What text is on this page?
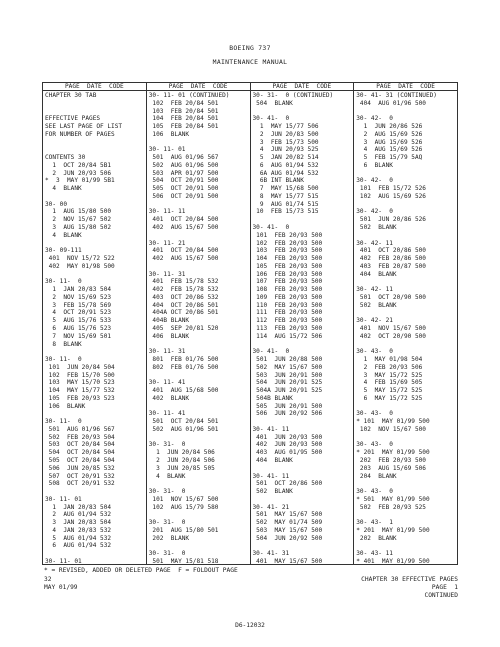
BOEING 737
MAINTENANCE MANUAL
PAGE  DATE  CODE
CHAPTER 30 TAB
EFFECTIVE PAGES
SEE LAST PAGE OF LIST
FOR NUMBER OF PAGES
CONTENTS 30
1  OCT 20/84 5B1
2  JUN 20/93 506
*  3  MAY 01/99 5B1
4  BLANK
30- 00
1  AUG 15/80 500
2  NOV 15/67 502
3  AUG 15/80 502
4  BLANK
30- 09-111
401  NOV 15/72 522
402  MAY 01/98 500
30- 11-  0
1  JAN 20/83 504
2  NOV 15/69 523
3  FEB 15/78 569
4  OCT 20/91 523
5  AUG 15/76 533
6  AUG 15/76 523
7  NOV 15/69 501
8  BLANK
30- 11-  0
101  JUN 20/84 504
102  FEB 15/70 500
103  MAY 15/70 523
104  MAY 15/77 532
105  FEB 20/93 523
106  BLANK
30- 11-  0
501  AUG 01/96 567
502  FEB 20/93 504
503  OCT 20/84 504
504  OCT 20/84 504
505  OCT 20/84 504
506  JUN 20/85 532
507  OCT 20/91 532
508  OCT 20/91 532
30- 11- 01
1  JAN 20/83 504
2  AUG 01/94 532
3  JAN 20/83 504
4  JAN 20/83 532
5  AUG 01/94 532
6  AUG 01/94 532
30- 11- 01
PAGE  DATE  CODE
30- 11- 01 (CONTINUED)
102  FEB 20/84 501
103  FEB 20/84 501
104  FEB 20/84 501
105  FEB 20/84 501
106  BLANK
30- 11- 01
501  AUG 01/96 567
502  AUG 01/96 500
503  APR 01/97 500
504  OCT 20/91 500
505  OCT 20/91 500
506  OCT 20/91 500
30- 11- 11
401  OCT 20/84 500
402  AUG 15/67 500
30- 11- 21
401  OCT 20/84 500
402  AUG 15/67 500
30- 11- 31
401  FEB 15/78 532
402  FEB 15/78 532
403  OCT 20/86 532
404  OCT 20/86 501
404A OCT 20/86 501
404B BLANK
405  SEP 20/81 520
406  BLANK
30- 11- 31
801  FEB 01/76 500
802  FEB 01/76 500
30- 11- 41
401  AUG 15/68 500
402  BLANK
30- 11- 41
501  OCT 20/84 501
502  AUG 01/96 501
30- 31-  0
1  JUN 20/84 506
2  JUN 20/84 506
3  JUN 20/85 505
4  BLANK
30- 31-  0
101  NOV 15/67 500
102  AUG 15/79 580
30- 31-  0
201  AUG 15/80 501
202  BLANK
30- 31-  0
501  MAY 15/81 518
PAGE  DATE  CODE
30- 31-  0 (CONTINUED)
504  BLANK
30- 41-  0
1  MAY 15/77 506
2  JUN 20/83 500
3  FEB 15/73 500
4  JUN 20/93 525
5  JAN 20/82 514
6  AUG 01/94 532
6A AUG 01/94 532
6B INT BLANK
7  MAY 15/68 500
8  MAY 15/77 515
9  AUG 01/74 515
10  FEB 15/73 515
30- 41-  0
101  FEB 20/93 500
102  FEB 20/93 500
103  FEB 20/93 500
104  FEB 20/93 500
105  FEB 20/93 500
106  FEB 20/93 500
107  FEB 20/93 500
108  FEB 20/93 500
109  FEB 20/93 500
110  FEB 20/93 500
111  FEB 20/93 500
112  FEB 20/93 500
113  FEB 20/93 500
114  AUG 15/72 506
30- 41-  0
501  JUN 20/88 500
502  MAY 15/67 500
503  JUN 20/91 500
504  JUN 20/91 525
504A JUN 20/91 525
504B BLANK
505  JUN 20/91 500
506  JUN 20/92 506
30- 41- 11
401  JUN 20/93 500
402  JUN 20/93 500
403  AUG 01/95 500
404  BLANK
30- 41- 11
501  OCT 20/86 500
502  BLANK
30- 41- 21
501  MAY 15/67 500
502  MAY 01/74 509
503  MAY 15/67 500
504  JUN 20/92 500
30- 41- 31
401  MAY 15/67 500
PAGE  DATE  CODE
30- 41- 31 (CONTINUED)
404  AUG 01/96 500
30- 42-  0
1  JUN 20/86 526
2  AUG 15/69 526
3  AUG 15/69 526
4  AUG 15/69 526
5  FEB 15/79 5AQ
6  BLANK
30- 42-  0
101  FEB 15/72 526
102  AUG 15/69 526
30- 42-  0
501  JUN 20/86 526
502  BLANK
30- 42- 11
401  OCT 20/86 500
402  FEB 20/86 500
403  FEB 20/87 500
404  BLANK
30- 42- 11
501  OCT 20/90 500
502  BLANK
30- 42- 21
401  NOV 15/67 500
402  OCT 20/90 500
30- 43-  0
1  MAY 01/98 504
2  FEB 20/93 506
3  MAY 15/72 525
4  FEB 15/69 505
5  MAY 15/72 525
6  MAY 15/72 525
30- 43-  0
* 101  MAY 01/99 500
102  NOV 15/67 500
30- 43-  0
* 201  MAY 01/99 500
202  FEB 20/93 500
203  AUG 15/69 506
204  BLANK
30- 43-  0
* 501  MAY 01/99 500
502  FEB 20/93 525
30- 43-  1
* 201  MAY 01/99 500
202  BLANK
30- 43- 11
* 401  MAY 01/99 500
* = REVISED, ADDED OR DELETED PAGE  F = FOLDOUT PAGE
32
MAY 01/99
CHAPTER 30 EFFECTIVE PAGES
PAGE  1
CONTINUED
D6-12032
